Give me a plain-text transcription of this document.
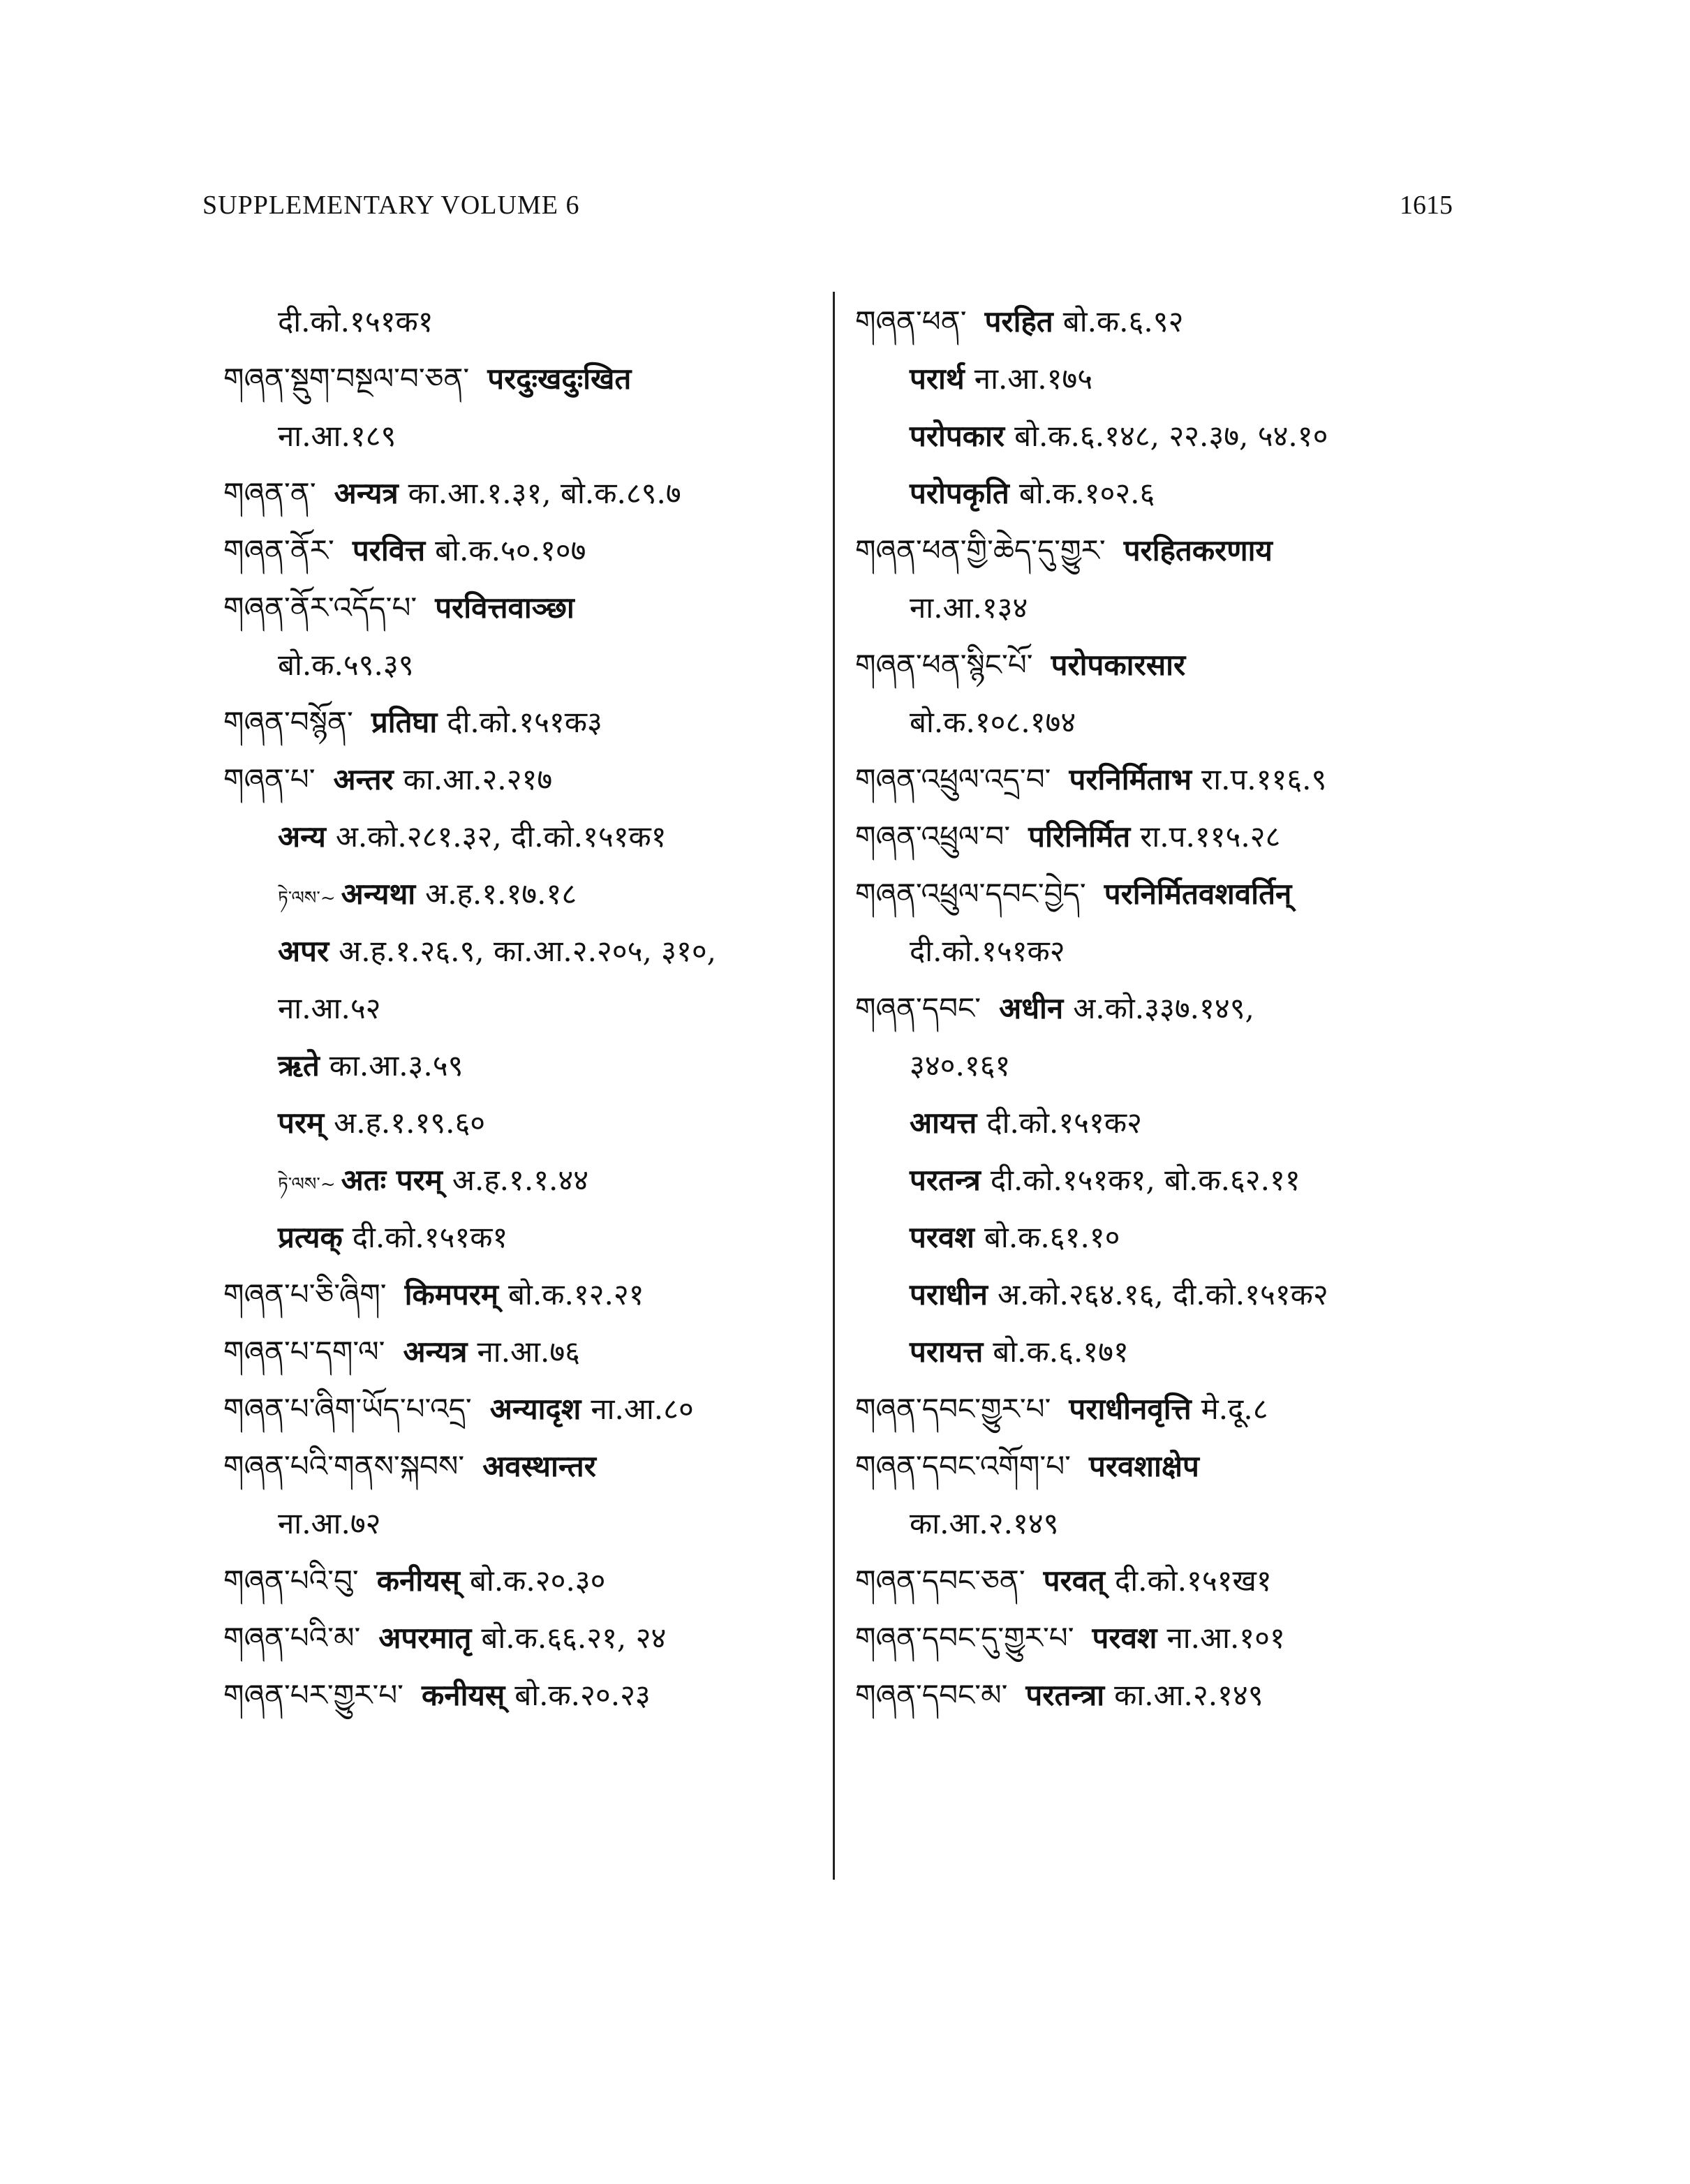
SUPPLEMENTARY VOLUME 6	1615
दी.को.१५१क१
གཞན་སྡུག་བསྔལ་བ་ཅན་ परदुःखदुःखित
ना.आ.१८९
གཞན་ན་ अन्यत्र का.आ.१.३१, बो.क.८९.७
གཞན་ནོར་ परवित्त बो.क.५०.१०७
གཞན་ནོར་འདོད་པ་ परवित्तवाञ्छा
बो.क.५९.३९
གཞན་བསྙོན་ प्रतिघा दी.को.१५१क३
གཞན་པ་ अन्तर का.आ.२.२१७
अन्य अ.को.२८१.३२, दी.को.१५१क१
ཏེ་ལས་~ अन्यथा अ.ह.१.१७.१८
अपर अ.ह.१.२६.९, का.आ.२.२०५, ३१०,
ना.आ.५२
ऋते का.आ.३.५९
परम् अ.ह.१.१९.६०
ཏེ་ལས་~ अतः परम् अ.ह.१.१.४४
प्रत्यक् दी.को.१५१क१
གཞན་པ་ཅི་ཞིག་ किमपरम् बो.क.१२.२१
གཞན་པ་དག་ལ་ अन्यत्र ना.आ.७६
གཞན་པ་ཞིག་ཡོད་པ་འདྲ་ अन्यादृश ना.आ.८०
གཞན་པའི་གནས་སྐབས་ अवस्थान्तर
ना.आ.७२
གཞན་པའི་བུ་ कनीयस् बो.क.२०.३०
གཞན་པའི་མ་ अपरमातृ बो.क.६६.२१, २४
གཞན་པར་གྱུར་པ་ कनीयस् बो.क.२०.२३
གཞན་ཕན་ परहित बो.क.६.९२
परार्थ ना.आ.१७५
परोपकार बो.क.६.१४८, २२.३७, ५४.१०
परोपकृति बो.क.१०२.६
གཞན་ཕན་གྱི་ཆེད་དུ་གྱུར་ परहितकरणाय
ना.आ.१३४
གཞན་ཕན་སྙིང་པོ་ परोपकारसार
बो.क.१०८.१७४
གཞན་འཕྲུལ་འདྲ་བ་ परनिर्मिताभ रा.प.११६.९
གཞན་འཕྲུལ་བ་ परिनिर्मित रा.प.११५.२८
གཞན་འཕྲུལ་དབང་བྱེད་ परनिर्मितवशवर्तिन्
दी.को.१५१क२
གཞན་དབང་ अधीन अ.को.३३७.१४९,
३४०.१६१
आयत्त दी.को.१५१क२
परतन्त्र दी.को.१५१क१, बो.क.६२.११
परवश बो.क.६१.१०
पराधीन अ.को.२६४.१६, दी.को.१५१क२
परायत्त बो.क.६.१७१
གཞན་དབང་གྱུར་པ་ पराधीनवृत्ति मे.दू.८
གཞན་དབང་འགོག་པ་ परवशाक्षेप
का.आ.२.१४९
གཞན་དབང་ཅན་ परवत् दी.को.१५१ख१
གཞན་དབང་དུ་གྱུར་པ་ परवश ना.आ.१०१
གཞན་དབང་མ་ परतन्त्रा का.आ.२.१४९
